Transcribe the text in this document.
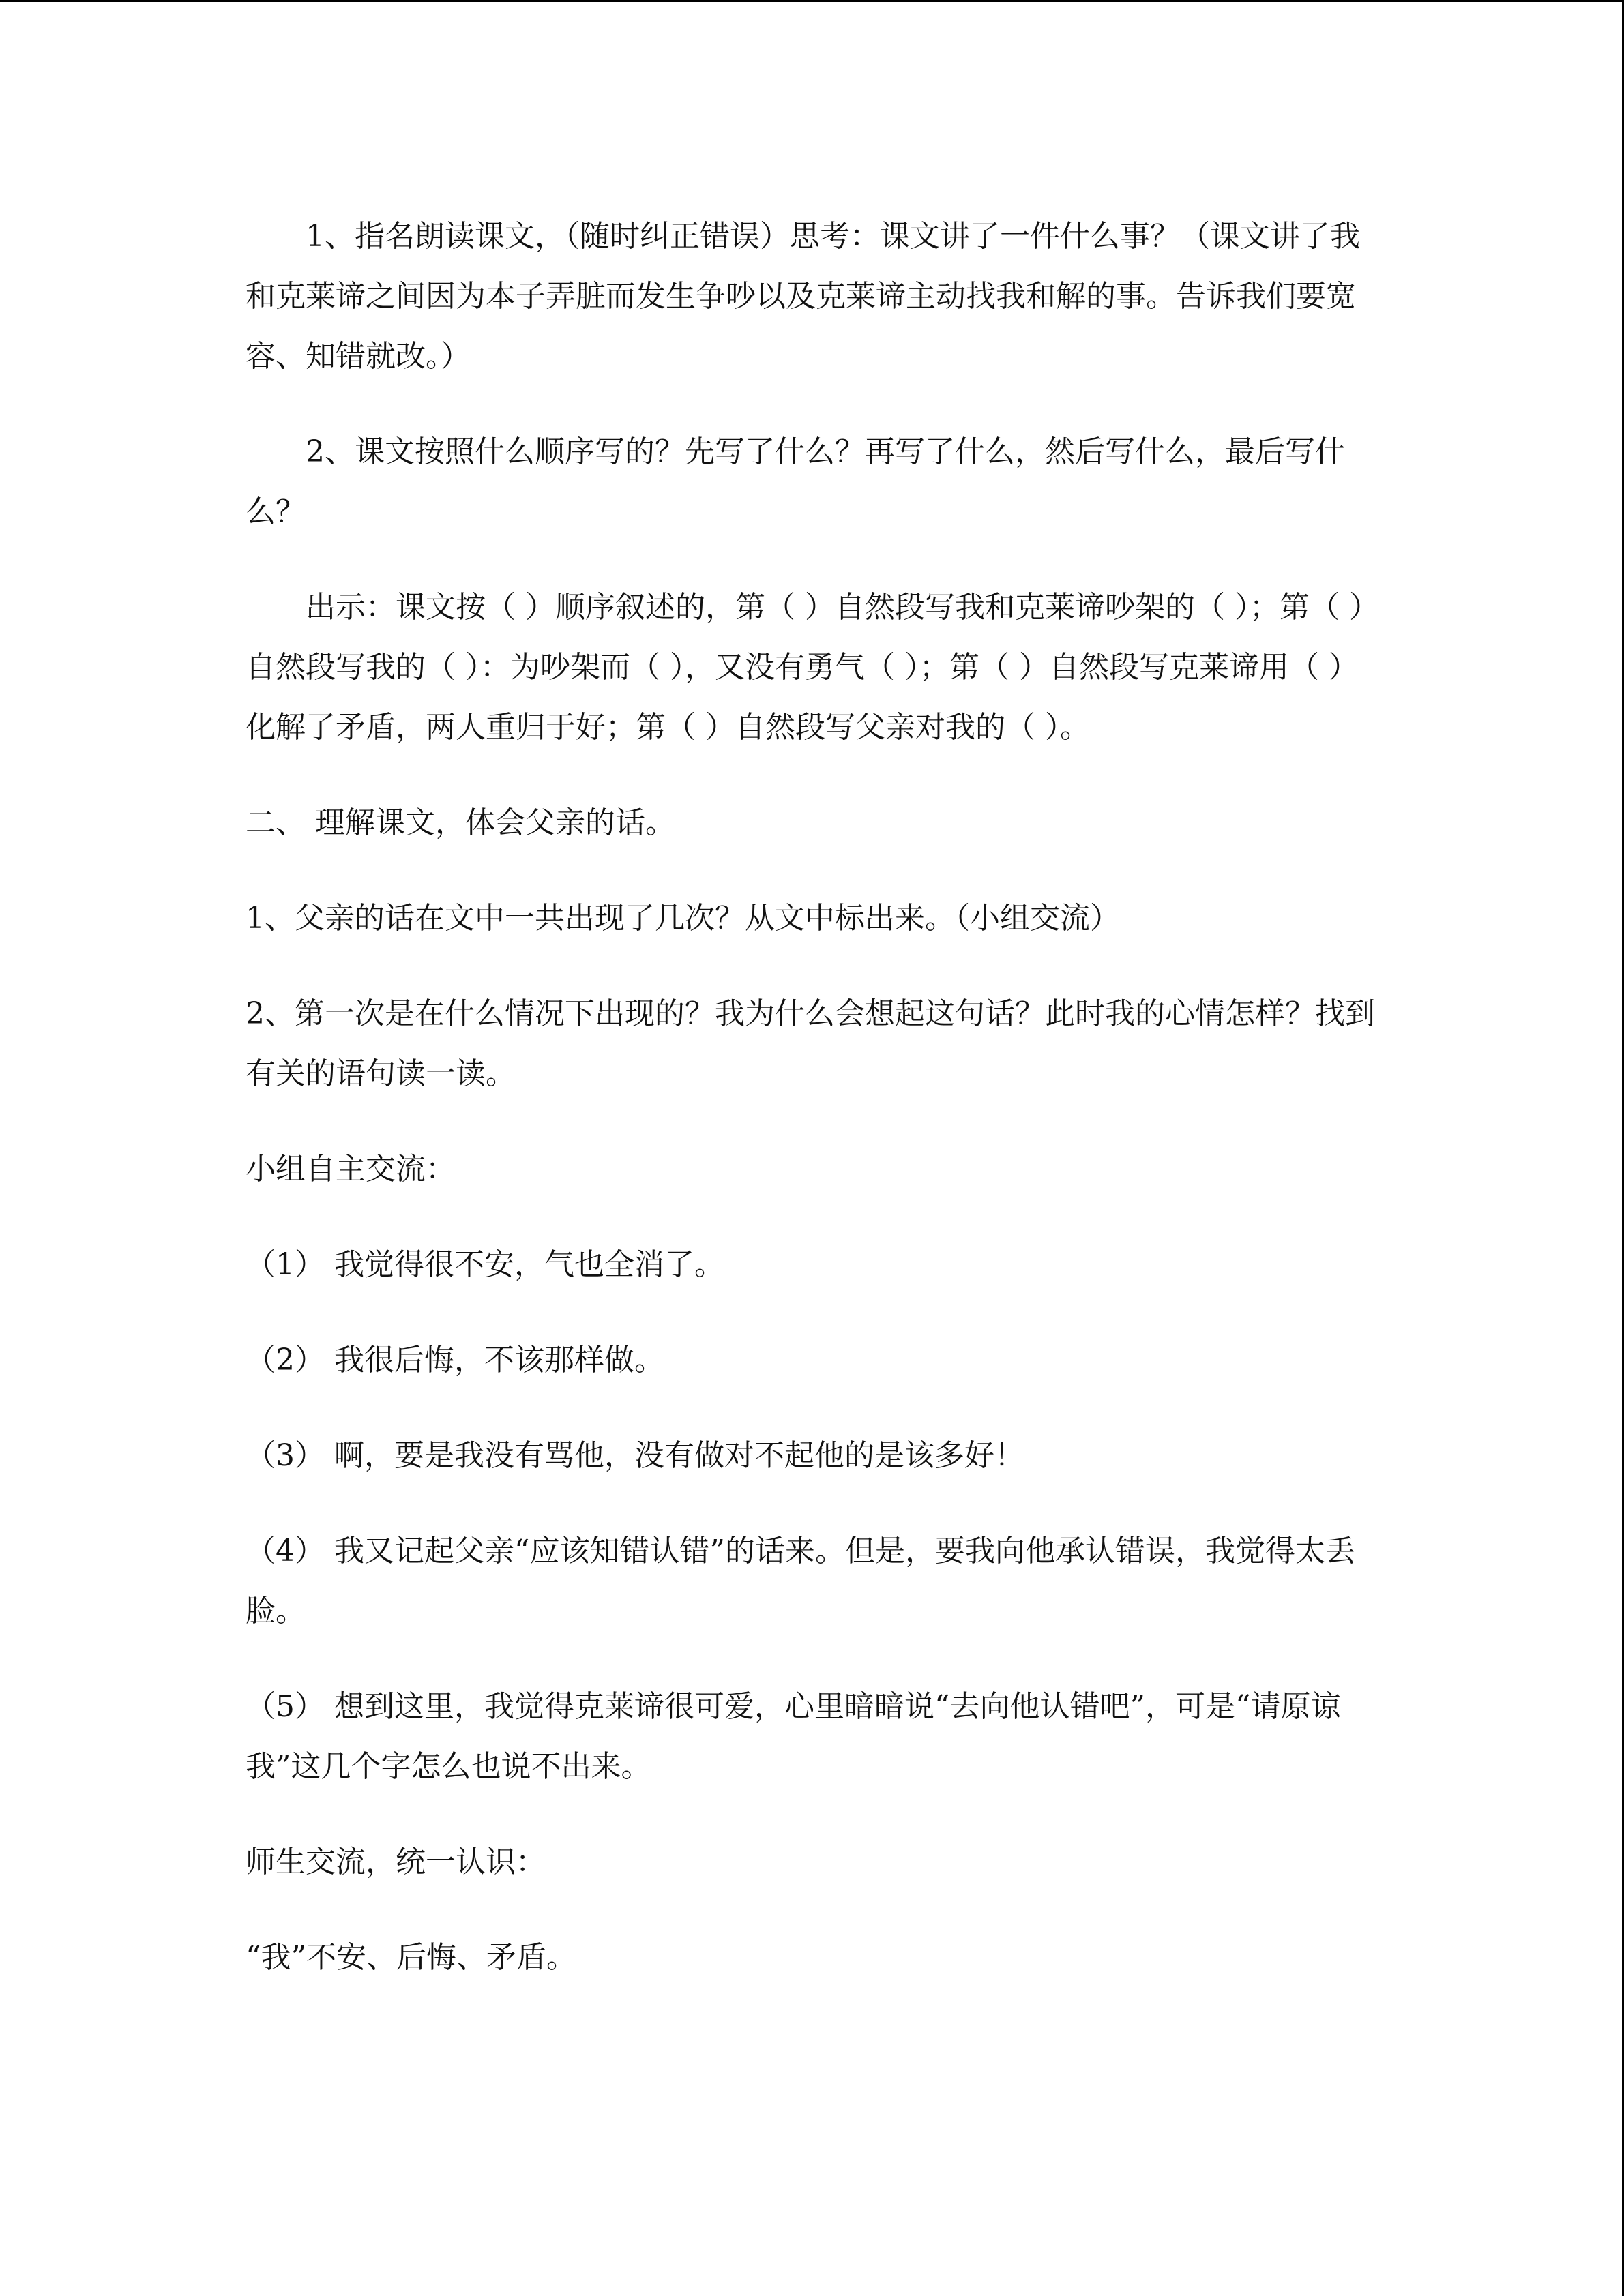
1、指名朗读课文，（随时纠正错误）思考：课文讲了一件什么事？（课文讲了我和克莱谛之间因为本子弄脏而发生争吵以及克莱谛主动找我和解的事。告诉我们要宽容、知错就改。）

2、课文按照什么顺序写的？先写了什么？再写了什么，然后写什么，最后写什么？

出示：课文按（ ）顺序叙述的，第（ ）自然段写我和克莱谛吵架的（ ）；第（ ）自然段写我的（ ）：为吵架而（ ），又没有勇气（ ）；第（ ）自然段写克莱谛用（ ）化解了矛盾，两人重归于好；第（ ）自然段写父亲对我的（ ）。

二、 理解课文，体会父亲的话。

1、父亲的话在文中一共出现了几次？从文中标出来。（小组交流）

2、第一次是在什么情况下出现的？我为什么会想起这句话？此时我的心情怎样？找到有关的语句读一读。

小组自主交流：

（1） 我觉得很不安，气也全消了。

（2） 我很后悔，不该那样做。

（3） 啊，要是我没有骂他，没有做对不起他的是该多好！

（4） 我又记起父亲“应该知错认错”的话来。但是，要我向他承认错误，我觉得太丢脸。

（5） 想到这里，我觉得克莱谛很可爱，心里暗暗说“去向他认错吧”，可是“请原谅我”这几个字怎么也说不出来。

师生交流，统一认识：

“我”不安、后悔、矛盾。
